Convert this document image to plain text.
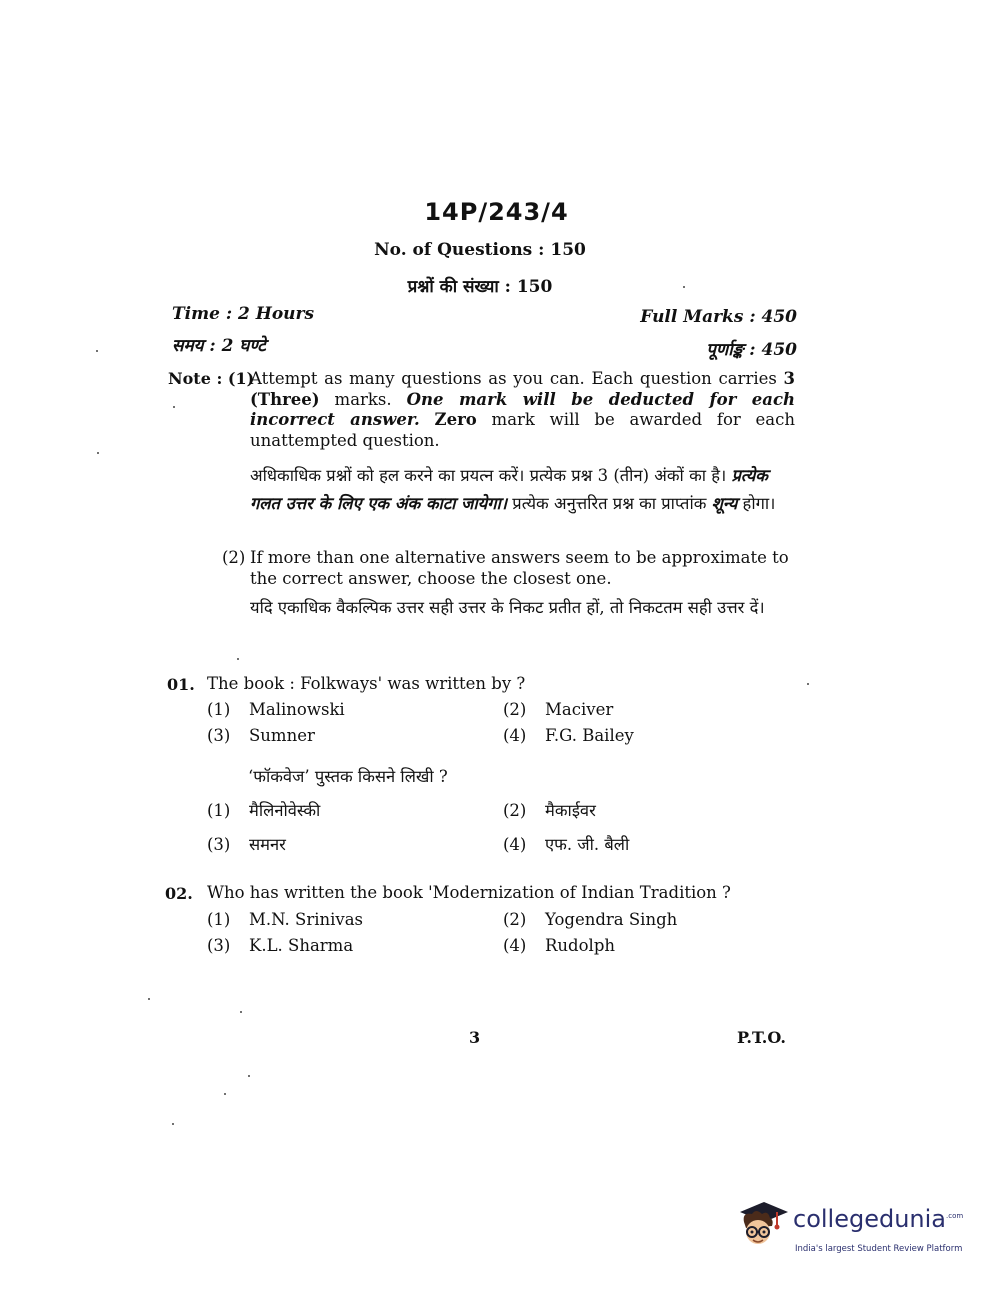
14P/243/4
No. of Questions : 150
प्रश्नों की संख्या : 150
Time : 2 Hours
समय : 2 घण्टे
Full Marks : 450
पूर्णाङ्क : 450
Note : (1)
Attempt as many questions as you can. Each question carries 3 (Three) marks. One mark will be deducted for each incorrect answer. Zero mark will be awarded for each unattempted question.
अधिकाधिक प्रश्नों को हल करने का प्रयत्न करें। प्रत्येक प्रश्न 3 (तीन) अंकों का है। प्रत्येक गलत उत्तर के लिए एक अंक काटा जायेगा। प्रत्येक अनुत्तरित प्रश्न का प्राप्तांक शून्य होगा।
(2) If more than one alternative answers seem to be approximate to the correct answer, choose the closest one.
यदि एकाधिक वैकल्पिक उत्तर सही उत्तर के निकट प्रतीत हों, तो निकटतम सही उत्तर दें।
01. The book : Folkways' was written by ?
(1) Malinowski	(2) Maciver
(3) Sumner	(4) F.G. Bailey
‘फॉकवेज’ पुस्तक किसने लिखी ?
(1) मैलिनोवेस्की	(2) मैकाईवर
(3) समनर	(4) एफ. जी. बैली
02. Who has written the book 'Modernization of Indian Tradition ?
(1) M.N. Srinivas	(2) Yogendra Singh
(3) K.L. Sharma	(4) Rudolph
3	P.T.O.
collegedunia$^{.com}$
India's largest Student Review Platform
